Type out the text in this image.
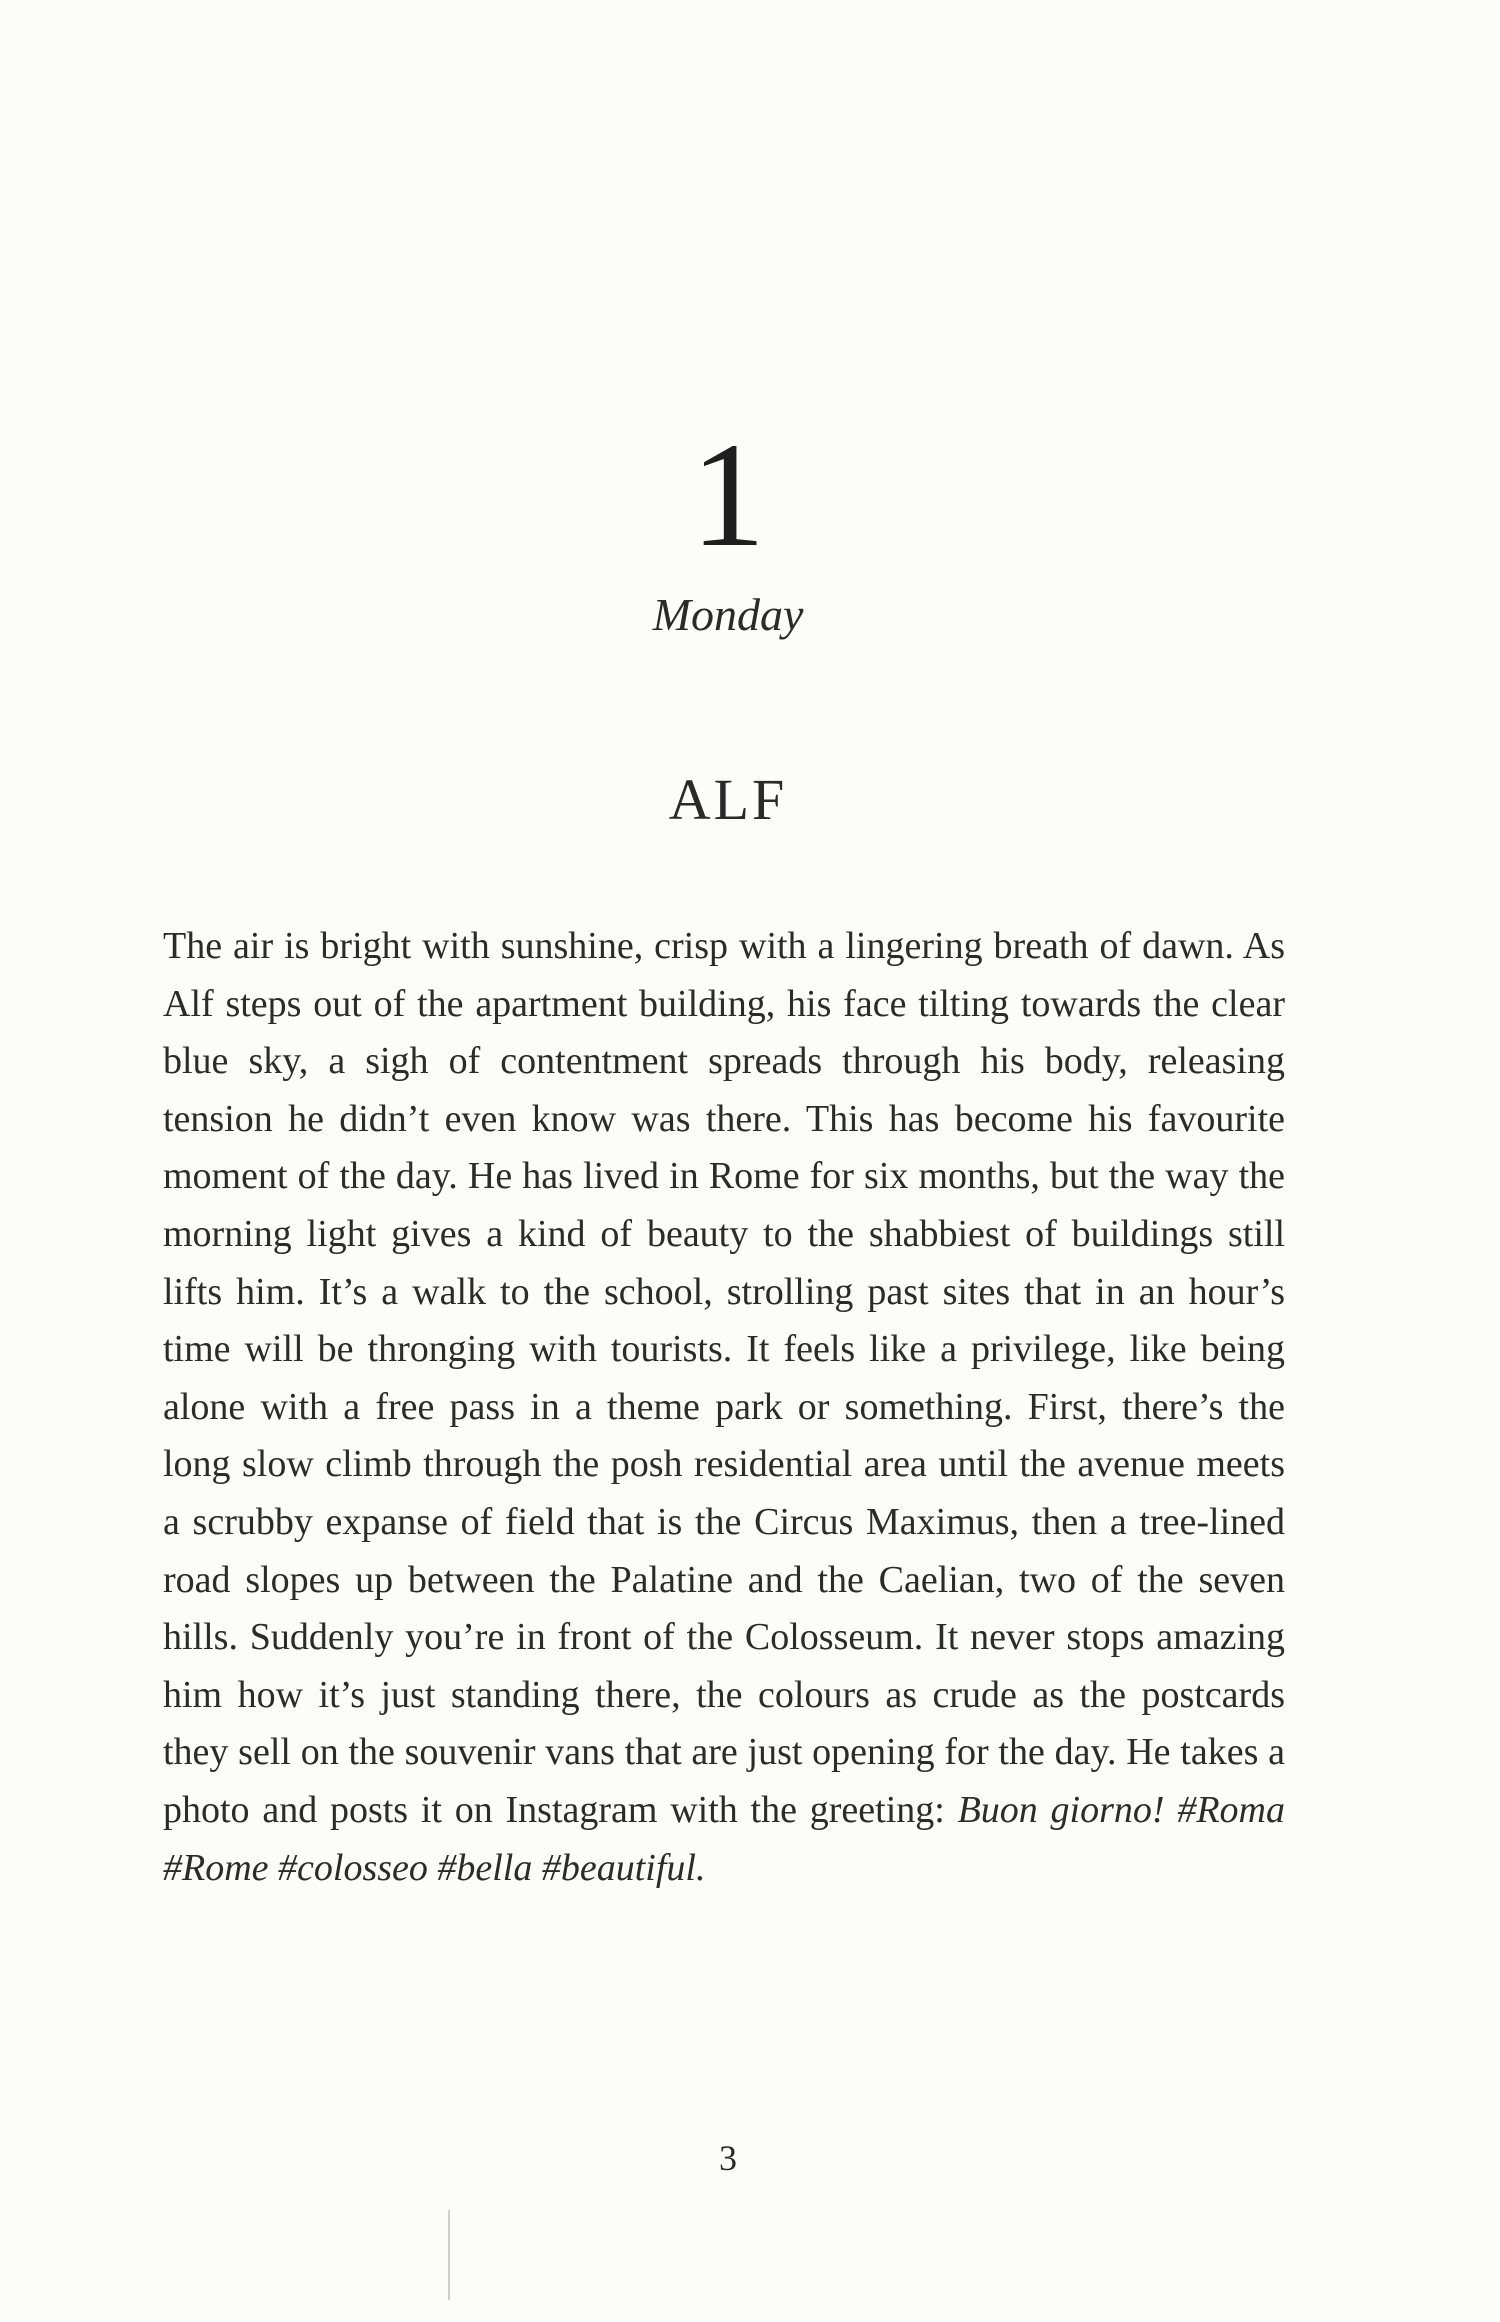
1
Monday
ALF

The air is bright with sunshine, crisp with a lingering breath of dawn. As Alf steps out of the apartment building, his face tilting towards the clear blue sky, a sigh of contentment spreads through his body, releasing tension he didn’t even know was there. This has become his favourite moment of the day. He has lived in Rome for six months, but the way the morning light gives a kind of beauty to the shabbiest of buildings still lifts him. It’s a walk to the school, strolling past sites that in an hour’s time will be thronging with tourists. It feels like a privilege, like being alone with a free pass in a theme park or something. First, there’s the long slow climb through the posh residential area until the avenue meets a scrubby expanse of field that is the Circus Maximus, then a tree-lined road slopes up between the Palatine and the Caelian, two of the seven hills. Suddenly you’re in front of the Colosseum. It never stops amazing him how it’s just standing there, the colours as crude as the postcards they sell on the souvenir vans that are just opening for the day. He takes a photo and posts it on Instagram with the greeting: Buon giorno! #Roma #Rome #colosseo #bella #beautiful.

3
